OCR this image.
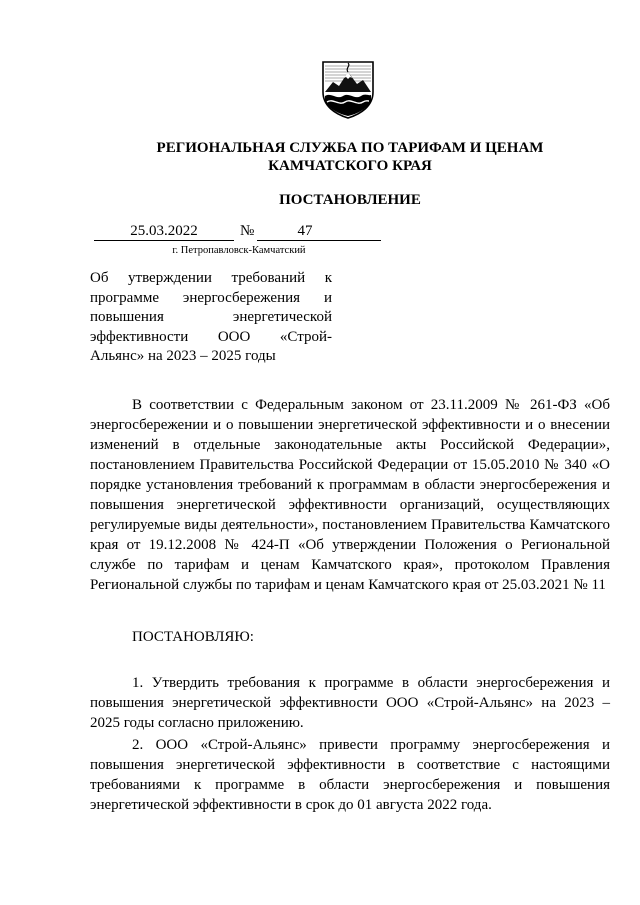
РЕГИОНАЛЬНАЯ СЛУЖБА ПО ТАРИФАМ И ЦЕНАМ
КАМЧАТСКОГО КРАЯ
ПОСТАНОВЛЕНИЕ
25.03.2022	№	47
г. Петропавловск-Камчатский
Об утверждении требований к программе энергосбережения и повышения энергетической эффективности ООО «Строй-Альянс» на 2023 – 2025 годы
В соответствии с Федеральным законом от 23.11.2009 № 261-ФЗ «Об энергосбережении и о повышении энергетической эффективности и о внесении изменений в отдельные законодательные акты Российской Федерации», постановлением Правительства Российской Федерации от 15.05.2010 № 340 «О порядке установления требований к программам в области энергосбережения и повышения энергетической эффективности организаций, осуществляющих регулируемые виды деятельности», постановлением Правительства Камчатского края от 19.12.2008 № 424-П «Об утверждении Положения о Региональной службе по тарифам и ценам Камчатского края», протоколом Правления Региональной службы по тарифам и ценам Камчатского края от 25.03.2021 № 11
ПОСТАНОВЛЯЮ:
1. Утвердить требования к программе в области энергосбережения и повышения энергетической эффективности ООО «Строй-Альянс» на 2023 – 2025 годы согласно приложению.
2. ООО «Строй-Альянс» привести программу энергосбережения и повышения энергетической эффективности в соответствие с настоящими требованиями к программе в области энергосбережения и повышения энергетической эффективности в срок до 01 августа 2022 года.
